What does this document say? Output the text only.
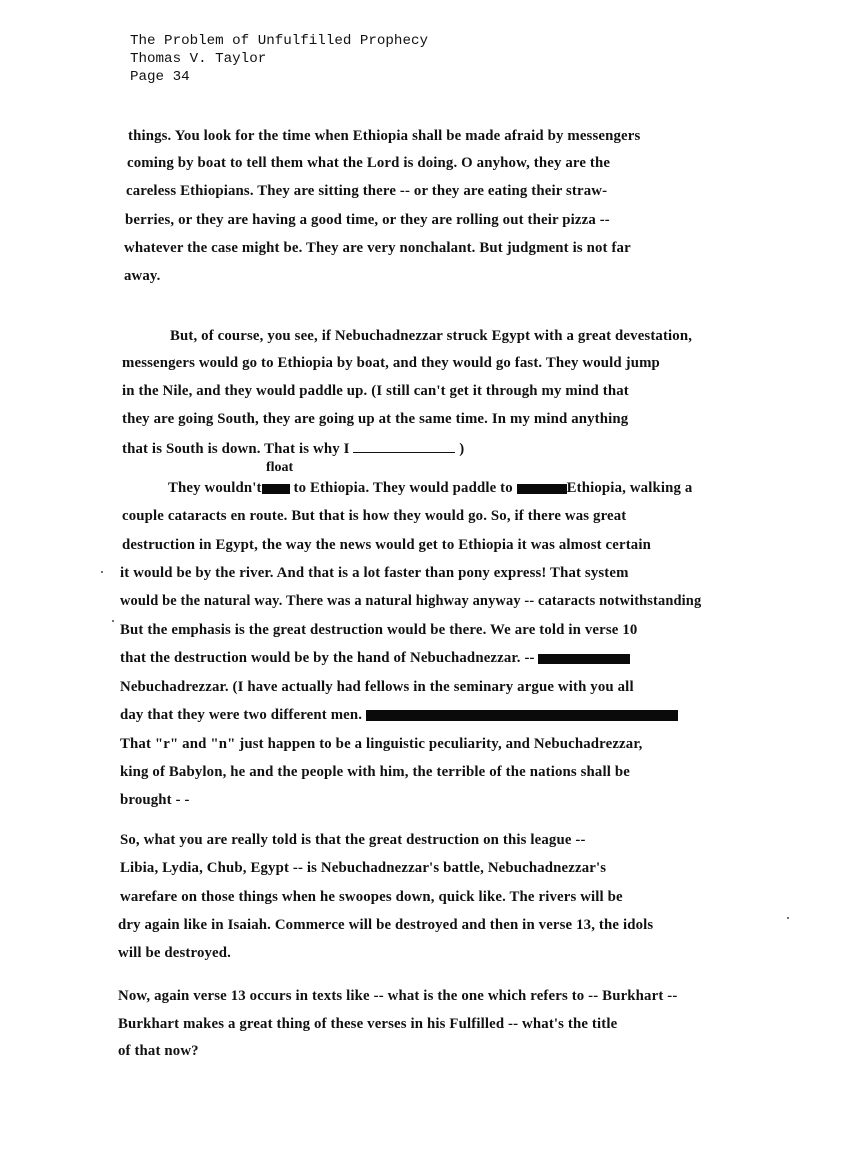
The Problem of Unfulfilled Prophecy
Thomas V. Taylor
Page 34
things. You look for the time when Ethiopia shall be made afraid by messengers
coming by boat to tell them what the Lord is doing. O anyhow, they are the
careless Ethiopians. They are sitting there -- or they are eating their straw-
berries, or they are having a good time, or they are rolling out their pizza --
whatever the case might be. They are very nonchalant. But judgment is not far
away.
But, of course, you see, if Nebuchadnezzar struck Egypt with a great devestation,
messengers would go to Ethiopia by boat, and they would go fast. They would jump
in the Nile, and they would paddle up. (I still can't get it through my mind that
they are going South, they are going up at the same time. In my mind anything
that is South is down. That is why I	)
float
They wouldn't to Ethiopia. They would paddle to	Ethiopia, walking a
couple cataracts en route. But that is how they would go. So, if there was great
destruction in Egypt, the way the news would get to Ethiopia it was almost certain
it would be by the river. And that is a lot faster than pony express! That system
would be the natural way. There was a natural highway anyway -- cataracts notwithstanding
But the emphasis is the great destruction would be there. We are told in verse 10
that the destruction would be by the hand of Nebuchadnezzar. --
Nebuchadrezzar. (I have actually had fellows in the seminary argue with you all
day that they were two different men.
That "r" and "n" just happen to be a linguistic peculiarity, and Nebuchadrezzar,
king of Babylon, he and the people with him, the terrible of the nations shall be
brought - -
So, what you are really told is that the great destruction on this league --
Libia, Lydia, Chub, Egypt -- is Nebuchadnezzar's battle, Nebuchadnezzar's
warefare on those things when he swoopes down, quick like. The rivers will be
dry again like in Isaiah. Commerce will be destroyed and then in verse 13, the idols
will be destroyed.
Now, again verse 13 occurs in texts like -- what is the one which refers to -- Burkhart --
Burkhart makes a great thing of these verses in his Fulfilled -- what's the title
of that now?
